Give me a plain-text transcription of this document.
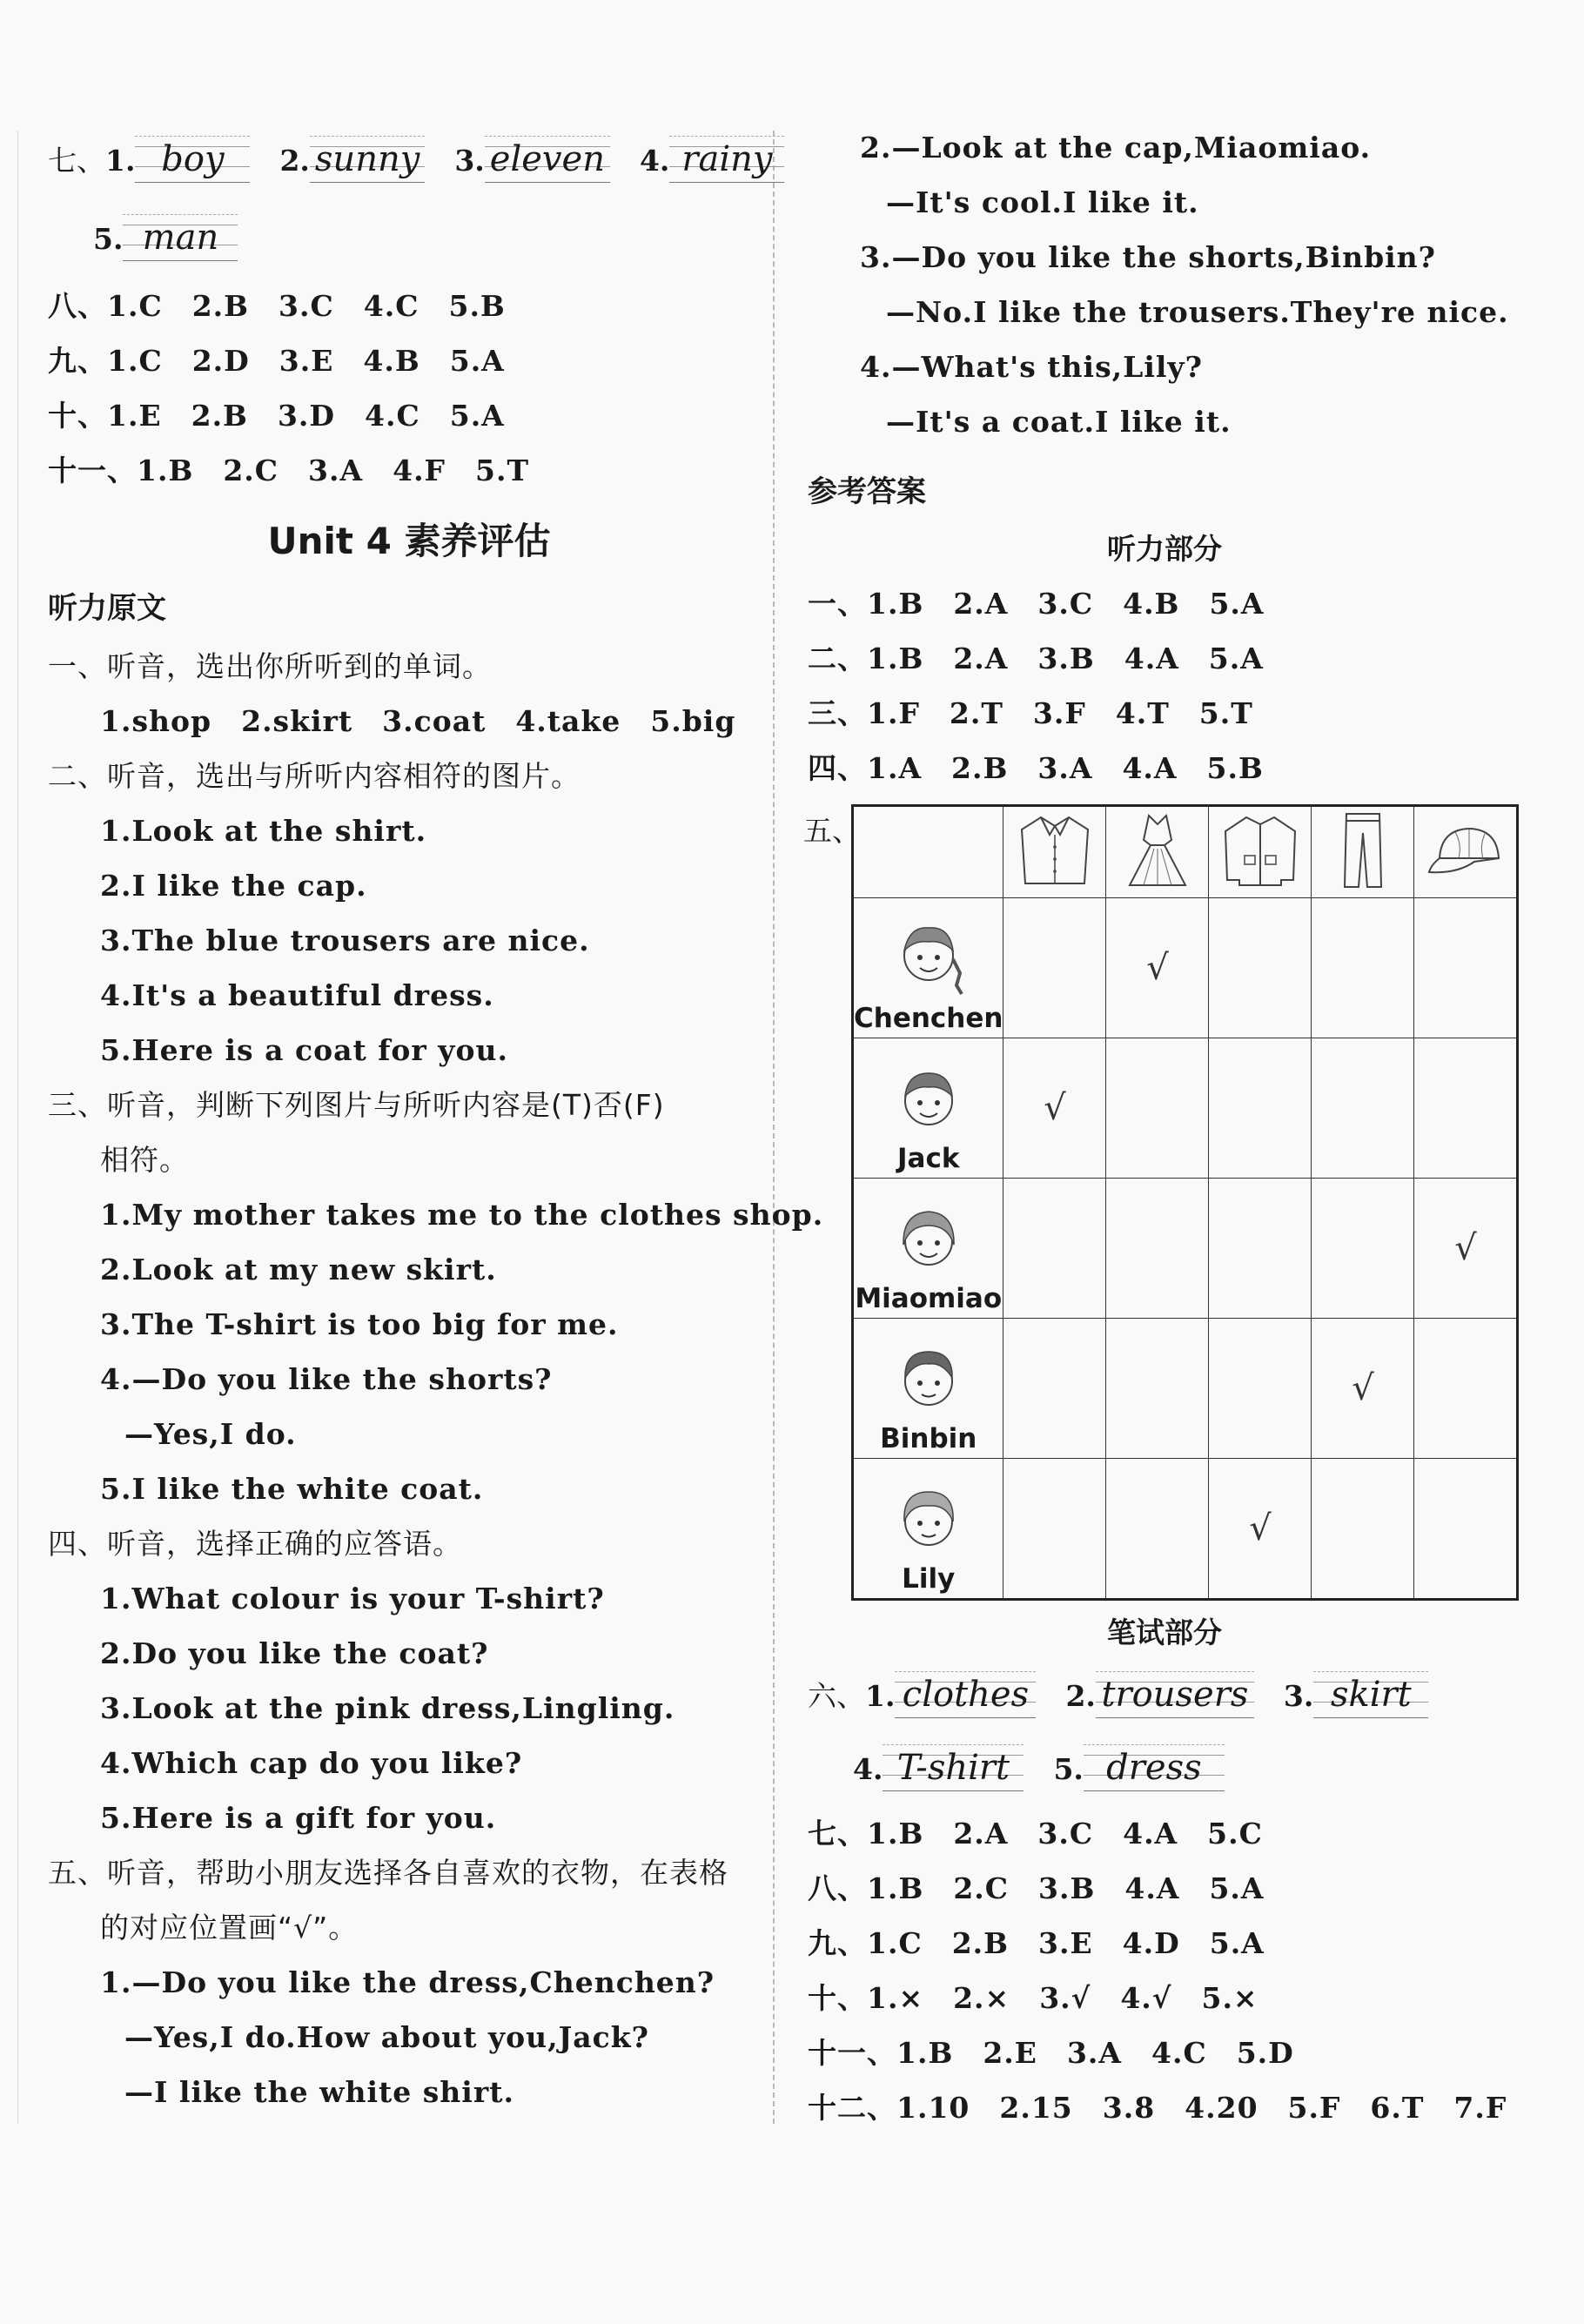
七、1. boy 2. sunny 3. eleven 4. rainy
5. man
八、1.C　2.B　3.C　4.C　5.B
九、1.C　2.D　3.E　4.B　5.A
十、1.E　2.B　3.D　4.C　5.A
十一、1.B　2.C　3.A　4.F　5.T
Unit 4 素养评估
听力原文
一、听音，选出你所听到的单词。
1.shop　2.skirt　3.coat　4.take　5.big
二、听音，选出与所听内容相符的图片。
1.Look at the shirt.
2.I like the cap.
3.The blue trousers are nice.
4.It's a beautiful dress.
5.Here is a coat for you.
三、听音，判断下列图片与所听内容是(T)否(F)
相符。
1.My mother takes me to the clothes shop.
2.Look at my new skirt.
3.The T-shirt is too big for me.
4.—Do you like the shorts?
—Yes,I do.
5.I like the white coat.
四、听音，选择正确的应答语。
1.What colour is your T-shirt?
2.Do you like the coat?
3.Look at the pink dress,Lingling.
4.Which cap do you like?
5.Here is a gift for you.
五、听音，帮助小朋友选择各自喜欢的衣物，在表格
的对应位置画“√”。
1.—Do you like the dress,Chenchen?
—Yes,I do.How about you,Jack?
—I like the white shirt.
2.—Look at the cap,Miaomiao.
—It's cool.I like it.
3.—Do you like the shorts,Binbin?
—No.I like the trousers.They're nice.
4.—What's this,Lily?
—It's a coat.I like it.
参考答案
听力部分
一、1.B　2.A　3.C　4.B　5.A
二、1.B　2.A　3.B　4.A　5.A
三、1.F　2.T　3.F　4.T　5.T
四、1.A　2.B　3.A　4.A　5.B
五、

Chenchen		√			

Jack	√				

Miaomiao					√

Binbin				√	

Lily			√		
笔试部分
六、1. clothes 2. trousers 3. skirt
4. T-shirt 5. dress
七、1.B　2.A　3.C　4.A　5.C
八、1.B　2.C　3.B　4.A　5.A
九、1.C　2.B　3.E　4.D　5.A
十、1.×　2.×　3.√　4.√　5.×
十一、1.B　2.E　3.A　4.C　5.D
十二、1.10　2.15　3.8　4.20　5.F　6.T　7.F
